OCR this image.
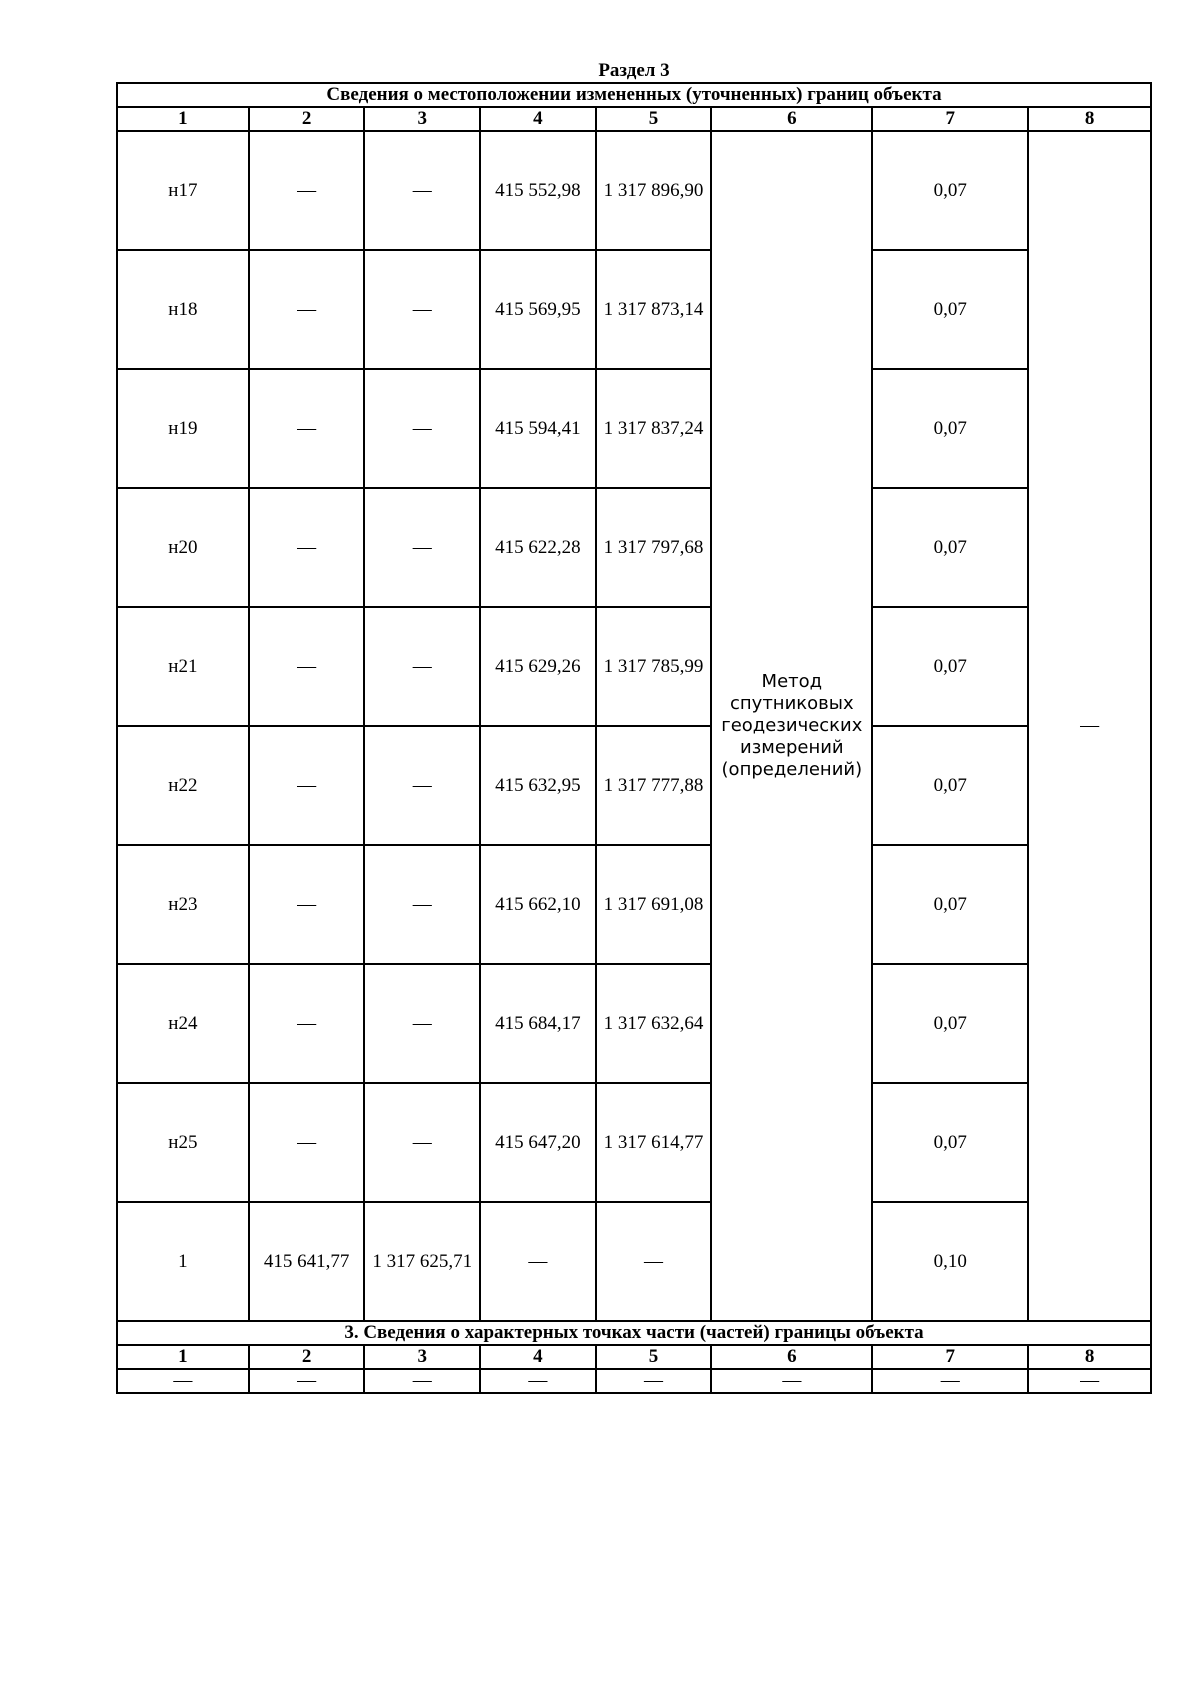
Раздел 3
Сведения о местоположении измененных (уточненных) границ объекта							
1	2	3	4	5	6	7	8
н17	—	—	415 552,98	1 317 896,90	Метод спутниковых геодезических измерений (определений)	0,07	—
н18	—	—	415 569,95	1 317 873,14		0,07	
н19	—	—	415 594,41	1 317 837,24		0,07	
н20	—	—	415 622,28	1 317 797,68		0,07	
н21	—	—	415 629,26	1 317 785,99		0,07	
н22	—	—	415 632,95	1 317 777,88		0,07	
н23	—	—	415 662,10	1 317 691,08		0,07	
н24	—	—	415 684,17	1 317 632,64		0,07	
н25	—	—	415 647,20	1 317 614,77		0,07	
1	415 641,77	1 317 625,71	—	—		0,10	
3. Сведения о характерных точках части (частей) границы объекта							
1	2	3	4	5	6	7	8
—	—	—	—	—	—	—	—
